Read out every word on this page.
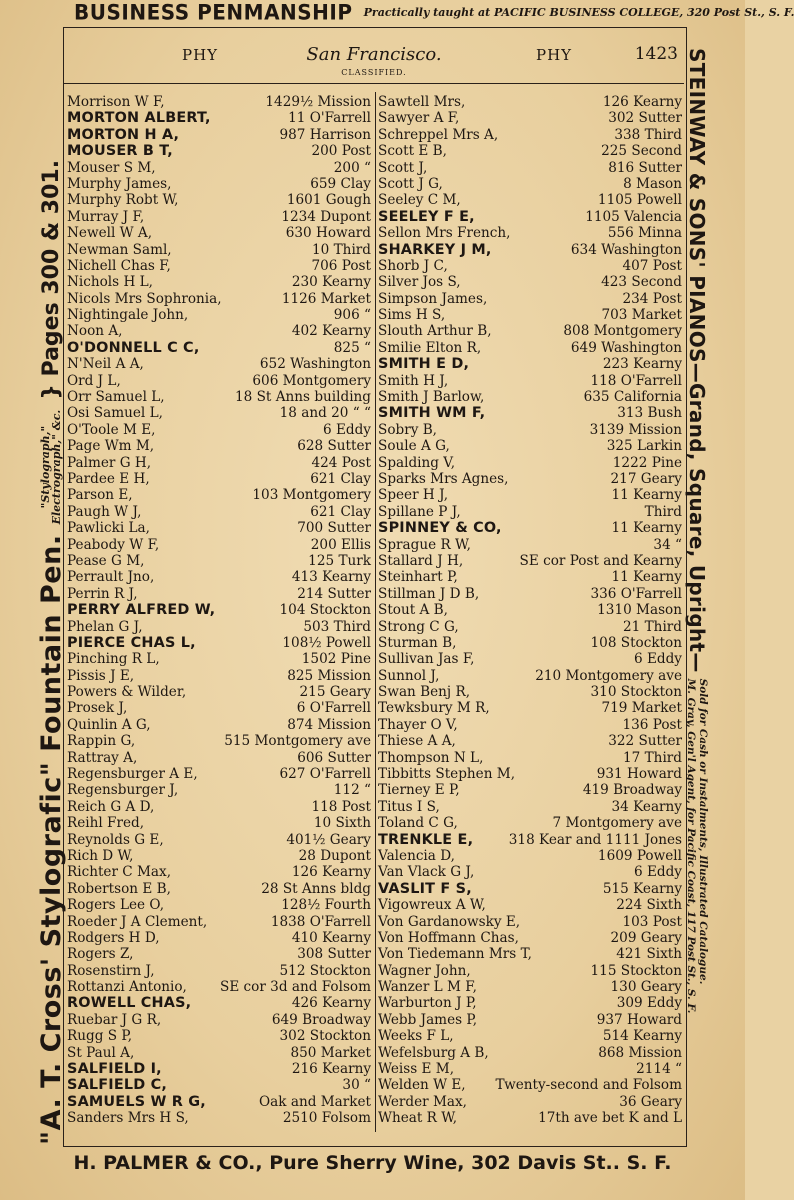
BUSINESS PENMANSHIP Practically taught at PACIFIC BUSINESS COLLEGE, 320 Post St., S. F.
PHY	San Francisco.	PHY	1423
CLASSIFIED.
Morrison W F,	1429½ Mission
MORTON ALBERT,	11 O'Farrell
MORTON H A,	987 Harrison
MOUSER B T,	200 Post
Mouser S M,	200 “
Murphy James,	659 Clay
Murphy Robt W,	1601 Gough
Murray J F,	1234 Dupont
Newell W A,	630 Howard
Newman Saml,	10 Third
Nichell Chas F,	706 Post
Nichols H L,	230 Kearny
Nicols Mrs Sophronia,	1126 Market
Nightingale John,	906 “
Noon A,	402 Kearny
O'DONNELL C C,	825 “
N'Neil A A,	652 Washington
Ord J L,	606 Montgomery
Orr Samuel L,	18 St Anns building
Osi Samuel L,	18 and 20 “ “
O'Toole M E,	6 Eddy
Page Wm M,	628 Sutter
Palmer G H,	424 Post
Pardee E H,	621 Clay
Parson E,	103 Montgomery
Paugh W J,	621 Clay
Pawlicki La,	700 Sutter
Peabody W F,	200 Ellis
Pease G M,	125 Turk
Perrault Jno,	413 Kearny
Perrin R J,	214 Sutter
PERRY ALFRED W,	104 Stockton
Phelan G J,	503 Third
PIERCE CHAS L,	108½ Powell
Pinching R L,	1502 Pine
Pissis J E,	825 Mission
Powers & Wilder,	215 Geary
Prosek J,	6 O'Farrell
Quinlin A G,	874 Mission
Rappin G,	515 Montgomery ave
Rattray A,	606 Sutter
Regensburger A E,	627 O'Farrell
Regensburger J,	112 “
Reich G A D,	118 Post
Reihl Fred,	10 Sixth
Reynolds G E,	401½ Geary
Rich D W,	28 Dupont
Richter C Max,	126 Kearny
Robertson E B,	28 St Anns bldg
Rogers Lee O,	128½ Fourth
Roeder J A Clement,	1838 O'Farrell
Rodgers H D,	410 Kearny
Rogers Z,	308 Sutter
Rosenstirn J,	512 Stockton
Rottanzi Antonio, SE cor 3d and Folsom
ROWELL CHAS,	426 Kearny
Ruebar J G R,	649 Broadway
Rugg S P,	302 Stockton
St Paul A,	850 Market
SALFIELD I,	216 Kearny
SALFIELD C,	30 “
SAMUELS W R G,	Oak and Market
Sanders Mrs H S,	2510 Folsom
Sawtell Mrs,	126 Kearny
Sawyer A F,	302 Sutter
Schreppel Mrs A,	338 Third
Scott E B,	225 Second
Scott J,	816 Sutter
Scott J G,	8 Mason
Seeley C M,	1105 Powell
SEELEY F E,	1105 Valencia
Sellon Mrs French,	556 Minna
SHARKEY J M,	634 Washington
Shorb J C,	407 Post
Silver Jos S,	423 Second
Simpson James,	234 Post
Sims H S,	703 Market
Slouth Arthur B,	808 Montgomery
Smilie Elton R,	649 Washington
SMITH E D,	223 Kearny
Smith H J,	118 O'Farrell
Smith J Barlow,	635 California
SMITH WM F,	313 Bush
Sobry B,	3139 Mission
Soule A G,	325 Larkin
Spalding V,	1222 Pine
Sparks Mrs Agnes,	217 Geary
Speer H J,	11 Kearny
Spillane P J,	Third
SPINNEY & CO,	11 Kearny
Sprague R W,	34 “
Stallard J H,	SE cor Post and Kearny
Steinhart P,	11 Kearny
Stillman J D B,	336 O'Farrell
Stout A B,	1310 Mason
Strong C G,	21 Third
Sturman B,	108 Stockton
Sullivan Jas F,	6 Eddy
Sunnol J,	210 Montgomery ave
Swan Benj R,	310 Stockton
Tewksbury M R,	719 Market
Thayer O V,	136 Post
Thiese A A,	322 Sutter
Thompson N L,	17 Third
Tibbitts Stephen M,	931 Howard
Tierney E P,	419 Broadway
Titus I S,	34 Kearny
Toland C G,	7 Montgomery ave
TRENKLE E,	318 Kear and 1111 Jones
Valencia D,	1609 Powell
Van Vlack G J,	6 Eddy
VASLIT F S,	515 Kearny
Vigowreux A W,	224 Sixth
Von Gardanowsky E,	103 Post
Von Hoffmann Chas,	209 Geary
Von Tiedemann Mrs T,	421 Sixth
Wagner John,	115 Stockton
Wanzer L M F,	130 Geary
Warburton J P,	309 Eddy
Webb James P,	937 Howard
Weeks F L,	514 Kearny
Wefelsburg A B,	868 Mission
Weiss E M,	2114 “
Welden W E, Twenty-second and Folsom
Werder Max,	36 Geary
Wheat R W,	17th ave bet K and L
H. PALMER & CO., Pure Sherry Wine, 302 Davis St.. S. F.
"A. T. Cross' Stylografic" Fountain Pen.
"Stylograph,"
Electrograph," &c.
} Pages 300 & 301.	STEINWAY & SONS' PIANOS—Grand, Square, Upright—
Sold for Cash or Instalments, Illustrated Catalogue.
M. Gray, Gen'l Agent, for Pacific Coast, 117 Post St., S. F.
